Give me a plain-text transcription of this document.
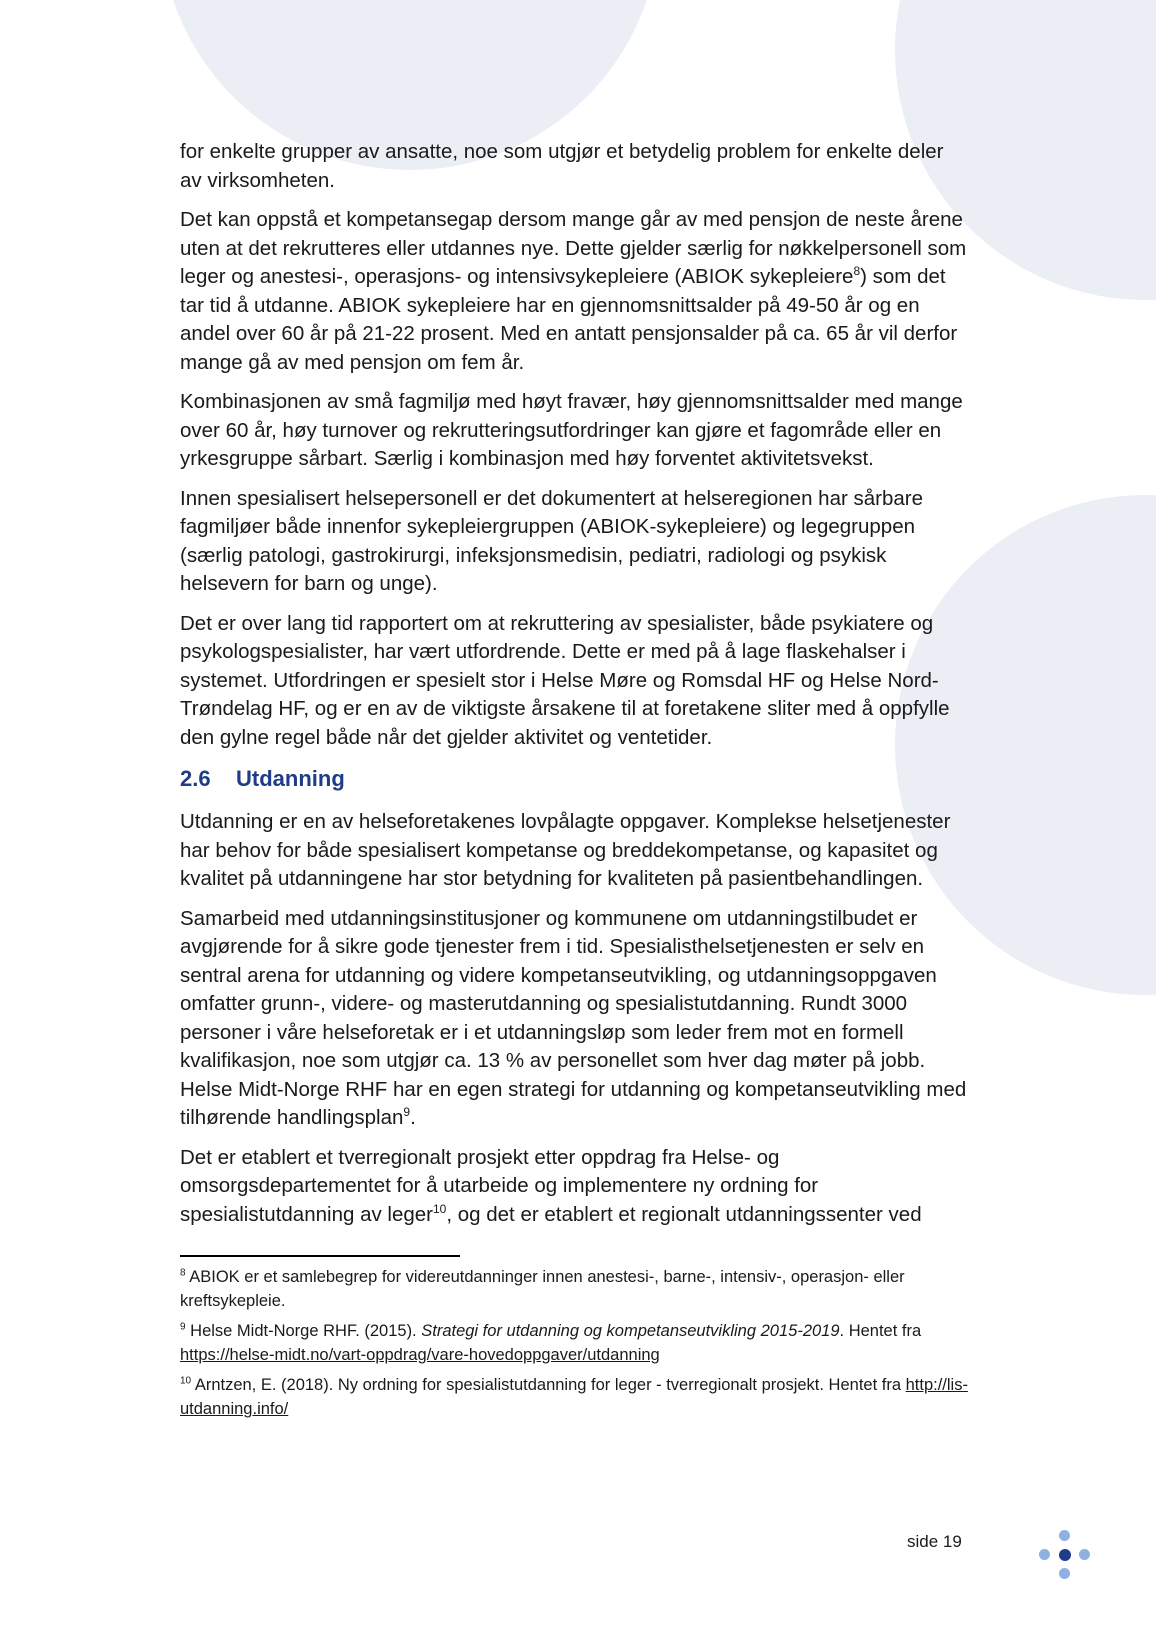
for enkelte grupper av ansatte, noe som utgjør et betydelig problem for enkelte deler av virksomheten.

Det kan oppstå et kompetansegap dersom mange går av med pensjon de neste årene uten at det rekrutteres eller utdannes nye. Dette gjelder særlig for nøkkelpersonell som leger og anestesi-, operasjons- og intensivsykepleiere (ABIOK sykepleiere$^8$) som det tar tid å utdanne. ABIOK sykepleiere har en gjennomsnittsalder på 49-50 år og en andel over 60 år på 21-22 prosent. Med en antatt pensjonsalder på ca. 65 år vil derfor mange gå av med pensjon om fem år.

Kombinasjonen av små fagmiljø med høyt fravær, høy gjennomsnittsalder med mange over 60 år, høy turnover og rekrutteringsutfordringer kan gjøre et fagområde eller en yrkesgruppe sårbart. Særlig i kombinasjon med høy forventet aktivitetsvekst.

Innen spesialisert helsepersonell er det dokumentert at helseregionen har sårbare fagmiljøer både innenfor sykepleiergruppen (ABIOK-sykepleiere) og legegruppen (særlig patologi, gastrokirurgi, infeksjonsmedisin, pediatri, radiologi og psykisk helsevern for barn og unge).

Det er over lang tid rapportert om at rekruttering av spesialister, både psykiatere og psykologspesialister, har vært utfordrende. Dette er med på å lage flaskehalser i systemet. Utfordringen er spesielt stor i Helse Møre og Romsdal HF og Helse Nord-Trøndelag HF, og er en av de viktigste årsakene til at foretakene sliter med å oppfylle den gylne regel både når det gjelder aktivitet og ventetider.

2.6 Utdanning

Utdanning er en av helseforetakenes lovpålagte oppgaver. Komplekse helsetjenester har behov for både spesialisert kompetanse og breddekompetanse, og kapasitet og kvalitet på utdanningene har stor betydning for kvaliteten på pasientbehandlingen.

Samarbeid med utdanningsinstitusjoner og kommunene om utdanningstilbudet er avgjørende for å sikre gode tjenester frem i tid. Spesialisthelsetjenesten er selv en sentral arena for utdanning og videre kompetanseutvikling, og utdanningsoppgaven omfatter grunn-, videre- og masterutdanning og spesialistutdanning. Rundt 3000 personer i våre helseforetak er i et utdanningsløp som leder frem mot en formell kvalifikasjon, noe som utgjør ca. 13 % av personellet som hver dag møter på jobb. Helse Midt-Norge RHF har en egen strategi for utdanning og kompetanseutvikling med tilhørende handlingsplan$^9$.

Det er etablert et tverregionalt prosjekt etter oppdrag fra Helse- og omsorgsdepartementet for å utarbeide og implementere ny ordning for spesialistutdanning av leger$^{10}$, og det er etablert et regionalt utdanningssenter ved

$^8$ ABIOK er et samlebegrep for videreutdanninger innen anestesi-, barne-, intensiv-, operasjon- eller kreftsykepleie.

$^9$ Helse Midt-Norge RHF. (2015). Strategi for utdanning og kompetanseutvikling 2015-2019. Hentet fra https://helse-midt.no/vart-oppdrag/vare-hovedoppgaver/utdanning

$^{10}$ Arntzen, E. (2018). Ny ordning for spesialistutdanning for leger - tverregionalt prosjekt. Hentet fra http://lis-utdanning.info/

side 19
